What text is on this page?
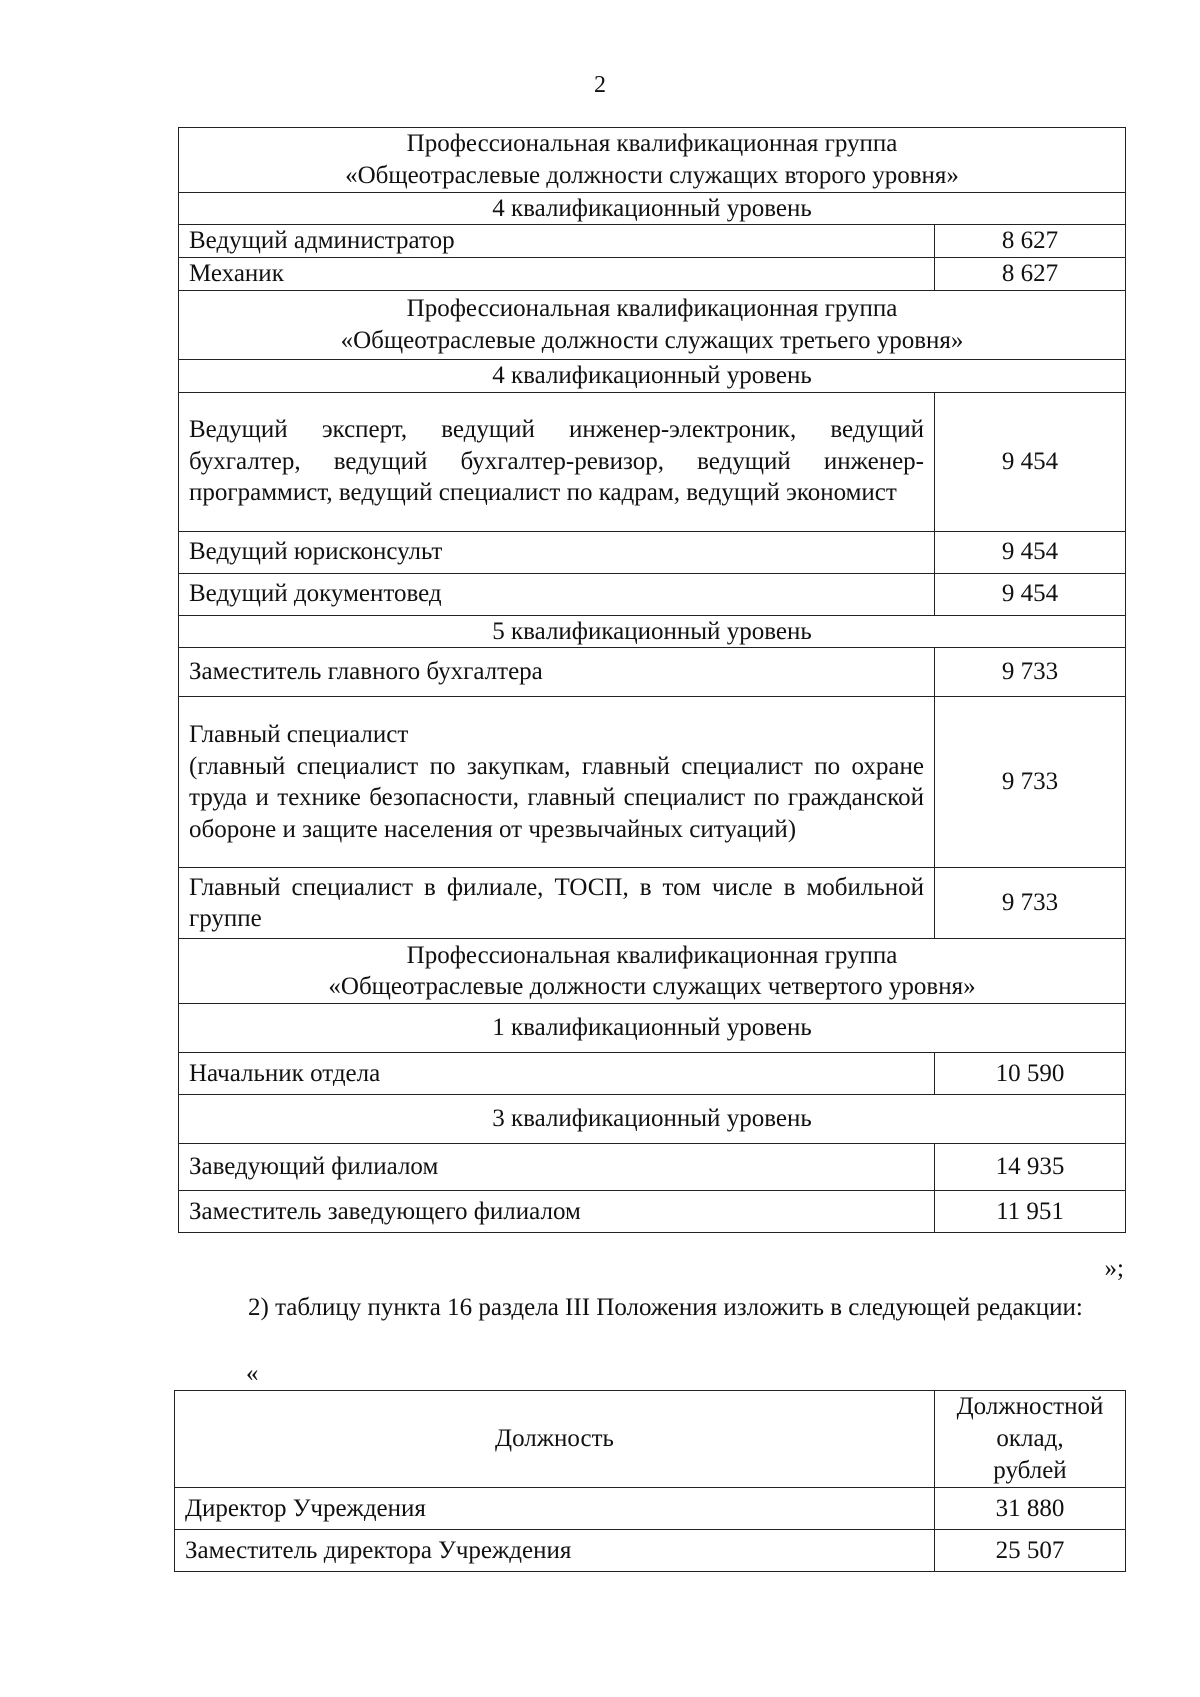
2
Профессиональная квалификационная группа
«Общеотраслевые должности служащих второго уровня»	
4 квалификационный уровень	
Ведущий администратор	8 627
Механик	8 627
Профессиональная квалификационная группа
«Общеотраслевые должности служащих третьего уровня»	
4 квалификационный уровень	
Ведущий эксперт, ведущий инженер-электроник, ведущий бухгалтер, ведущий бухгалтер-ревизор, ведущий инженер-программист, ведущий специалист по кадрам, ведущий экономист	9 454
Ведущий юрисконсульт	9 454
Ведущий документовед	9 454
5 квалификационный уровень	
Заместитель главного бухгалтера	9 733
Главный специалист
(главный специалист по закупкам, главный специалист по охране труда и технике безопасности, главный специалист по гражданской обороне и защите населения от чрезвычайных ситуаций)	9 733
Главный специалист в филиале, ТОСП, в том числе в мобильной группе	9 733
Профессиональная квалификационная группа
«Общеотраслевые должности служащих четвертого уровня»	
1 квалификационный уровень	
Начальник отдела	10 590
3 квалификационный уровень	
Заведующий филиалом	14 935
Заместитель заведующего филиалом	11 951
»;

2) таблицу пункта 16 раздела III Положения изложить в следующей редакции:

«
Должность	Должностной
оклад,
рублей
Директор Учреждения	31 880
Заместитель директора Учреждения	25 507
